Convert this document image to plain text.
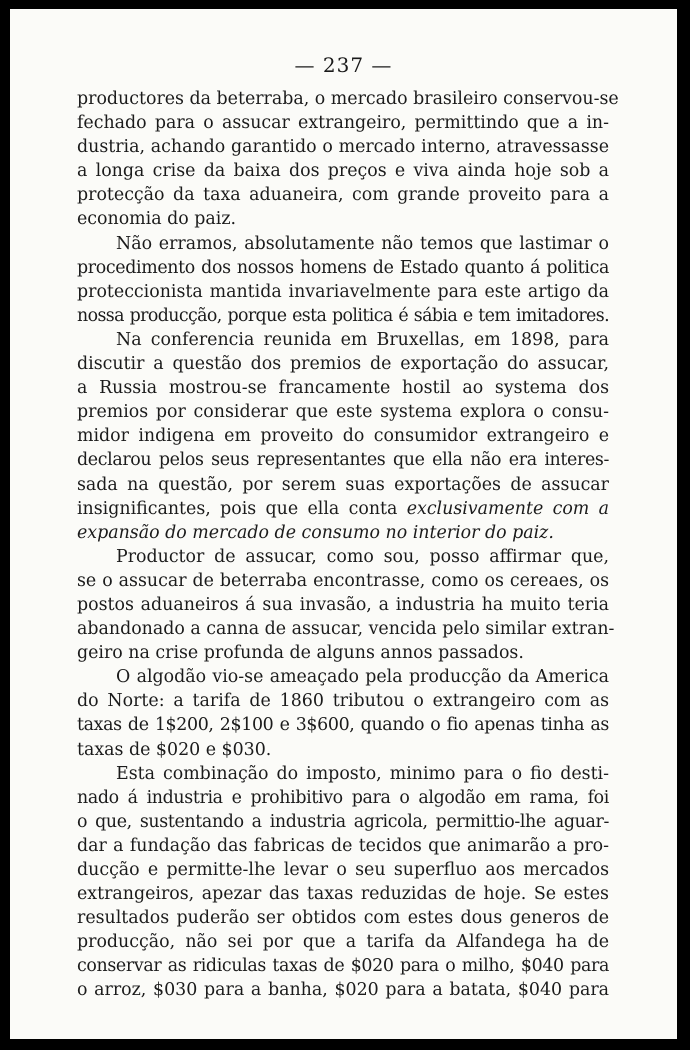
— 237 —

productores da beterraba, o mercado brasileiro conservou-se
fechado para o assucar extrangeiro, permittindo que a in-
dustria, achando garantido o mercado interno, atravessasse
a longa crise da baixa dos preços e viva ainda hoje sob a
protecção da taxa aduaneira, com grande proveito para a
economia do paiz.

Não erramos, absolutamente não temos que lastimar o
procedimento dos nossos homens de Estado quanto á politica
proteccionista mantida invariavelmente para este artigo da
nossa producção, porque esta politica é sábia e tem imitadores.

Na conferencia reunida em Bruxellas, em 1898, para
discutir a questão dos premios de exportação do assucar,
a Russia mostrou-se francamente hostil ao systema dos
premios por considerar que este systema explora o consu-
midor indigena em proveito do consumidor extrangeiro e
declarou pelos seus representantes que ella não era interes-
sada na questão, por serem suas exportações de assucar
insignificantes, pois que ella conta exclusivamente com a
expansão do mercado de consumo no interior do paiz.

Productor de assucar, como sou, posso affirmar que,
se o assucar de beterraba encontrasse, como os cereaes, os
postos aduaneiros á sua invasão, a industria ha muito teria
abandonado a canna de assucar, vencida pelo similar extran-
geiro na crise profunda de alguns annos passados.

O algodão vio-se ameaçado pela producção da America
do Norte: a tarifa de 1860 tributou o extrangeiro com as
taxas de 1$200, 2$100 e 3$600, quando o fio apenas tinha as
taxas de $020 e $030.

Esta combinação do imposto, minimo para o fio desti-
nado á industria e prohibitivo para o algodão em rama, foi
o que, sustentando a industria agricola, permittio-lhe aguar-
dar a fundação das fabricas de tecidos que animarão a pro-
ducção e permitte-lhe levar o seu superfluo aos mercados
extrangeiros, apezar das taxas reduzidas de hoje. Se estes
resultados puderão ser obtidos com estes dous generos de
producção, não sei por que a tarifa da Alfandega ha de
conservar as ridiculas taxas de $020 para o milho, $040 para
o arroz, $030 para a banha, $020 para a batata, $040 para
